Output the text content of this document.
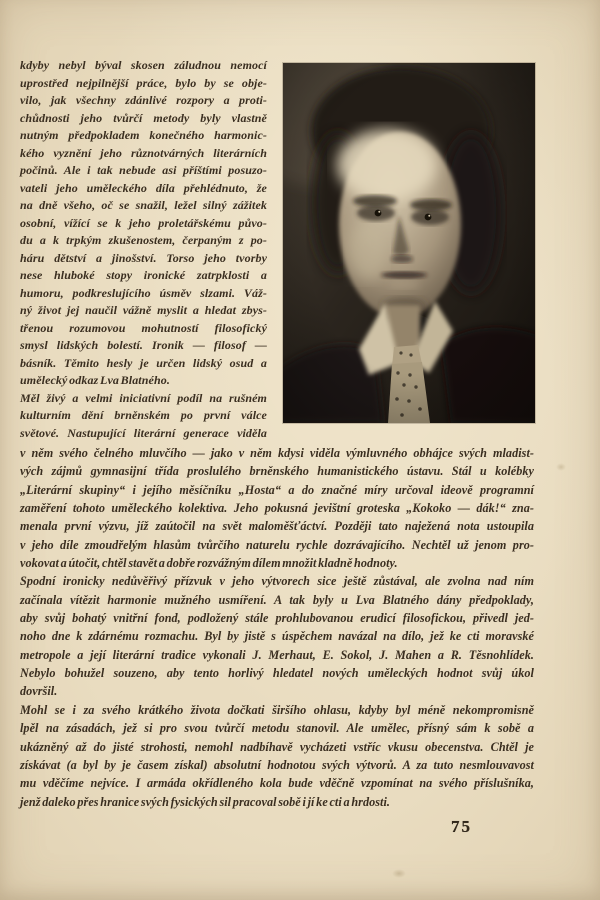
kdyby nebyl býval skosen záludnou nemocí
uprostřed nejpilnější práce, bylo by se obje-
vilo, jak všechny zdánlivé rozpory a proti-
chůdnosti jeho tvůrčí metody byly vlastně
nutným předpokladem konečného harmonic-
kého vyznění jeho různotvárných literárních
počinů. Ale i tak nebude asi příštími posuzo-
vateli jeho uměleckého díla přehlédnuto, že
na dně všeho, oč se snažil, ležel silný zážitek
osobní, vížící se k jeho proletářskému půvo-
du a k trpkým zkušenostem, čerpaným z po-
háru dětství a jinošství. Torso jeho tvorby
nese hluboké stopy ironické zatrpklosti a
humoru, podkreslujícího úsměv slzami. Váž-
ný život jej naučil vážně myslit a hledat zbys-
třenou rozumovou mohutností filosofický
smysl lidských bolestí. Ironik — filosof —
básník. Těmito hesly je určen lidský osud a
umělecký odkaz Lva Blatného.
Měl živý a velmi iniciativní podíl na rušném
kulturním dění brněnském po první válce
světové. Nastupující literární generace viděla
v něm svého čelného mluvčího — jako v něm kdysi viděla výmluvného obhájce svých mladist-
vých zájmů gymnasijní třída proslulého brněnského humanistického ústavu. Stál u kolébky
„Literární skupiny“ i jejího měsíčníku „Hosta“ a do značné míry určoval ideově programní
zaměření tohoto uměleckého kolektiva. Jeho pokusná jevištní groteska „Kokoko — dák!“ zna-
menala první výzvu, jíž zaútočil na svět maloměšťáctví. Později tato naježená nota ustoupila
v jeho díle zmoudřelým hlasům tvůrčího naturelu rychle dozrávajícího. Nechtěl už jenom pro-
vokovat a útočit, chtěl stavět a dobře rozvážným dílem množit kladně hodnoty.
Spodní ironicky nedůvěřivý přízvuk v jeho výtvorech sice ještě zůstával, ale zvolna nad ním
začínala vítězit harmonie mužného usmíření. A tak byly u Lva Blatného dány předpoklady,
aby svůj bohatý vnitřní fond, podložený stále prohlubovanou erudicí filosofickou, přivedl jed-
noho dne k zdárnému rozmachu. Byl by jistě s úspěchem navázal na dílo, jež ke cti moravské
metropole a její literární tradice vykonali J. Merhaut, E. Sokol, J. Mahen a R. Těsnohlídek.
Nebylo bohužel souzeno, aby tento horlivý hledatel nových uměleckých hodnot svůj úkol
dovršil.
Mohl se i za svého krátkého života dočkati širšího ohlasu, kdyby byl méně nekompromisně
lpěl na zásadách, jež si pro svou tvůrčí metodu stanovil. Ale umělec, přísný sám k sobě a
ukázněný až do jisté strohosti, nemohl nadbíhavě vycházeti vstříc vkusu obecenstva. Chtěl je
získávat (a byl by je časem získal) absolutní hodnotou svých výtvorů. A za tuto nesmlouvavost
mu vděčíme nejvíce. I armáda okřídleného kola bude vděčně vzpomínat na svého příslušníka,
jenž daleko přes hranice svých fysických sil pracoval sobě i jí ke cti a hrdosti.
75
